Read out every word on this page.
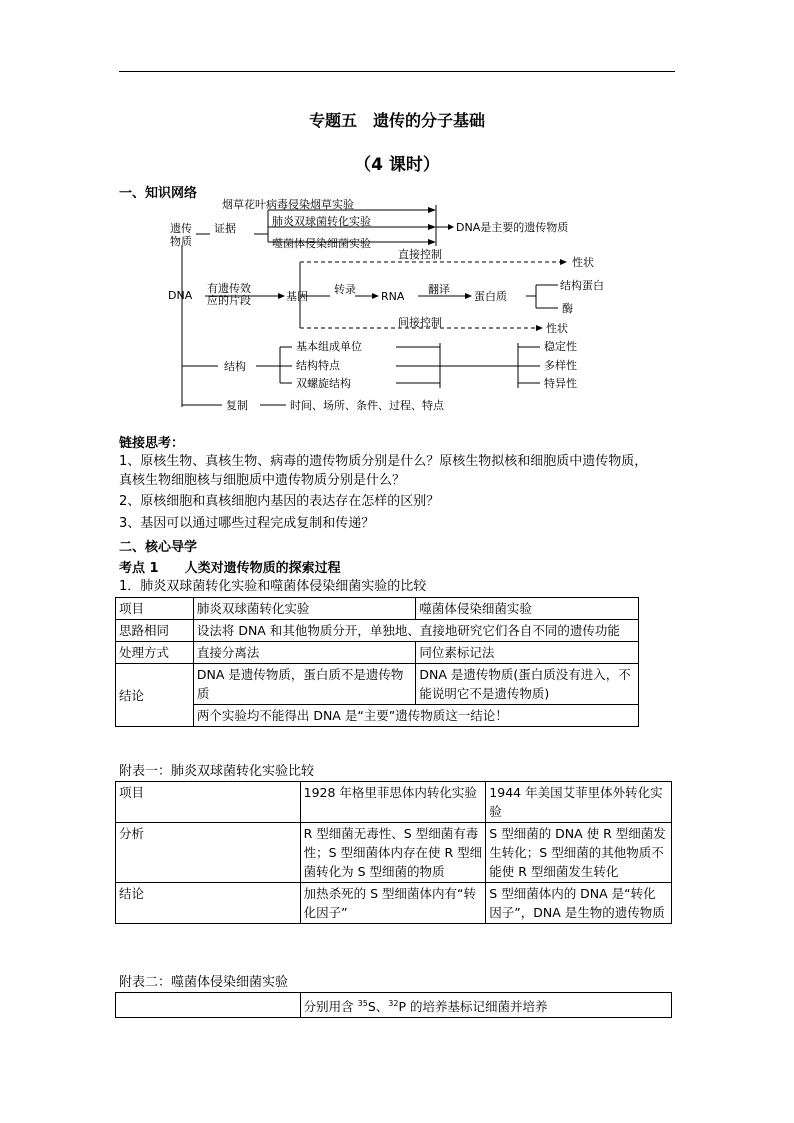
专题五　遗传的分子基础
（4 课时）
一、知识网络
烟草花叶病毒侵染烟草实验
肺炎双球菌转化实验
噬菌体侵染细菌实验
DNA是主要的遗传物质
遗传
物质
证据
DNA
有遗传效
应的片段	基因
转录
RNA
翻译
蛋白质
直接控制
间接控制
性状
结构蛋白
酶
性状
结构
基本组成单位
结构特点
双螺旋结构
稳定性
多样性
特异性
复制	时间、场所、条件、过程、特点
链接思考：
1、原核生物、真核生物、病毒的遗传物质分别是什么？原核生物拟核和细胞质中遗传物质，
真核生物细胞核与细胞质中遗传物质分别是什么？
2、原核细胞和真核细胞内基因的表达存在怎样的区别？
3、基因可以通过哪些过程完成复制和传递？
二、核心导学
考点 1　　人类对遗传物质的探索过程
1．肺炎双球菌转化实验和噬菌体侵染细菌实验的比较
项目	肺炎双球菌转化实验	噬菌体侵染细菌实验
思路相同	设法将 DNA 和其他物质分开，单独地、直接地研究它们各自不同的遗传功能	
处理方式	直接分离法	同位素标记法
结论	DNA 是遗传物质，蛋白质不是遗传物质	DNA 是遗传物质(蛋白质没有进入，不能说明它不是遗传物质)
	两个实验均不能得出 DNA 是“主要”遗传物质这一结论！	
附表一：肺炎双球菌转化实验比较
项目	1928 年格里菲思体内转化实验	1944 年美国艾菲里体外转化实验
分析	R 型细菌无毒性、S 型细菌有毒性；S 型细菌体内存在使 R 型细菌转化为 S 型细菌的物质	S 型细菌的 DNA 使 R 型细菌发生转化；S 型细菌的其他物质不能使 R 型细菌发生转化
结论	加热杀死的 S 型细菌体内有“转化因子”	S 型细菌体内的 DNA 是“转化因子”，DNA 是生物的遗传物质
附表二：噬菌体侵染细菌实验
	分别用含 $^{35}$S、$^{32}$P 的培养基标记细菌并培养
